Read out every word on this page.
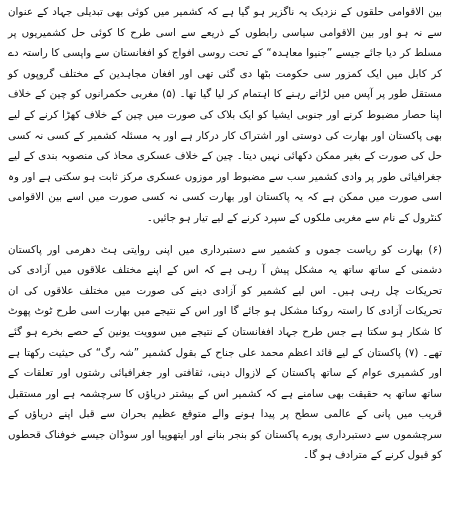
بین الاقوامی حلقوں کے نزدیک یہ ناگزیر ہو گیا ہے کہ کشمیر میں کوئی بھی تبدیلی جہاد کے عنوان سے نہ ہو اور بین الاقوامی سیاسی رابطوں کے ذریعے سے اسی طرح کا کوئی حل کشمیریوں پر مسلط کر دیا جائے جیسے ”جنیوا معاہدہ“ کے تحت روسی افواج کو افغانستان سے واپسی کا راستہ دے کر کابل میں ایک کمزور سی حکومت بٹھا دی گئی تھی اور افغان مجاہدین کے مختلف گروپوں کو مستقل طور پر آپس میں لڑاتے رہنے کا اہتمام کر لیا گیا تھا۔ (۵) مغربی حکمرانوں کو چین کے خلاف اپنا حصار مضبوط کرنے اور جنوبی ایشیا کو ایک بلاک کی صورت میں چین کے خلاف کھڑا کرنے کے لیے بھی پاکستان اور بھارت کی دوستی اور اشتراک کار درکار ہے اور یہ مسئلہ کشمیر کے کسی نہ کسی حل کی صورت کے بغیر ممکن دکھائی نہیں دیتا۔ چین کے خلاف عسکری محاذ کی منصوبہ بندی کے لیے جغرافیائی طور پر وادی کشمیر سب سے مضبوط اور موزوں عسکری مرکز ثابت ہو سکتی ہے اور وہ اسی صورت میں ممکن ہے کہ یہ پاکستان اور بھارت کسی نہ کسی صورت میں اسے بین الاقوامی کنٹرول کے نام سے مغربی ملکوں کے سپرد کرنے کے لیے تیار ہو جائیں۔

(۶) بھارت کو ریاست جموں و کشمیر سے دستبرداری میں اپنی روایتی ہٹ دھرمی اور پاکستان دشمنی کے ساتھ ساتھ یہ مشکل پیش آ رہی ہے کہ اس کے اپنے مختلف علاقوں میں آزادی کی تحریکات چل رہی ہیں۔ اس لیے کشمیر کو آزادی دینے کی صورت میں مختلف علاقوں کی ان تحریکات آزادی کا راستہ روکنا مشکل ہو جائے گا اور اس کے نتیجے میں بھارت اسی طرح ٹوٹ پھوٹ کا شکار ہو سکتا ہے جس طرح جہاد افغانستان کے نتیجے میں سوویت یونین کے حصے بخرے ہو گئے تھے۔ (۷) پاکستان کے لیے قائد اعظم محمد علی جناح کے بقول کشمیر ”شہ رگ“ کی حیثیت رکھتا ہے اور کشمیری عوام کے ساتھ پاکستان کے لازوال دینی، ثقافتی اور جغرافیائی رشتوں اور تعلقات کے ساتھ ساتھ یہ حقیقت بھی سامنے ہے کہ کشمیر اس کے بیشتر دریاؤں کا سرچشمہ ہے اور مستقبل قریب میں پانی کے عالمی سطح پر پیدا ہونے والے متوقع عظیم بحران سے قبل اپنے دریاؤں کے سرچشموں سے دستبرداری پورے پاکستان کو بنجر بنانے اور ایتھوپیا اور سوڈان جیسے خوفناک قحطوں کو قبول کرنے کے مترادف ہو گا۔
